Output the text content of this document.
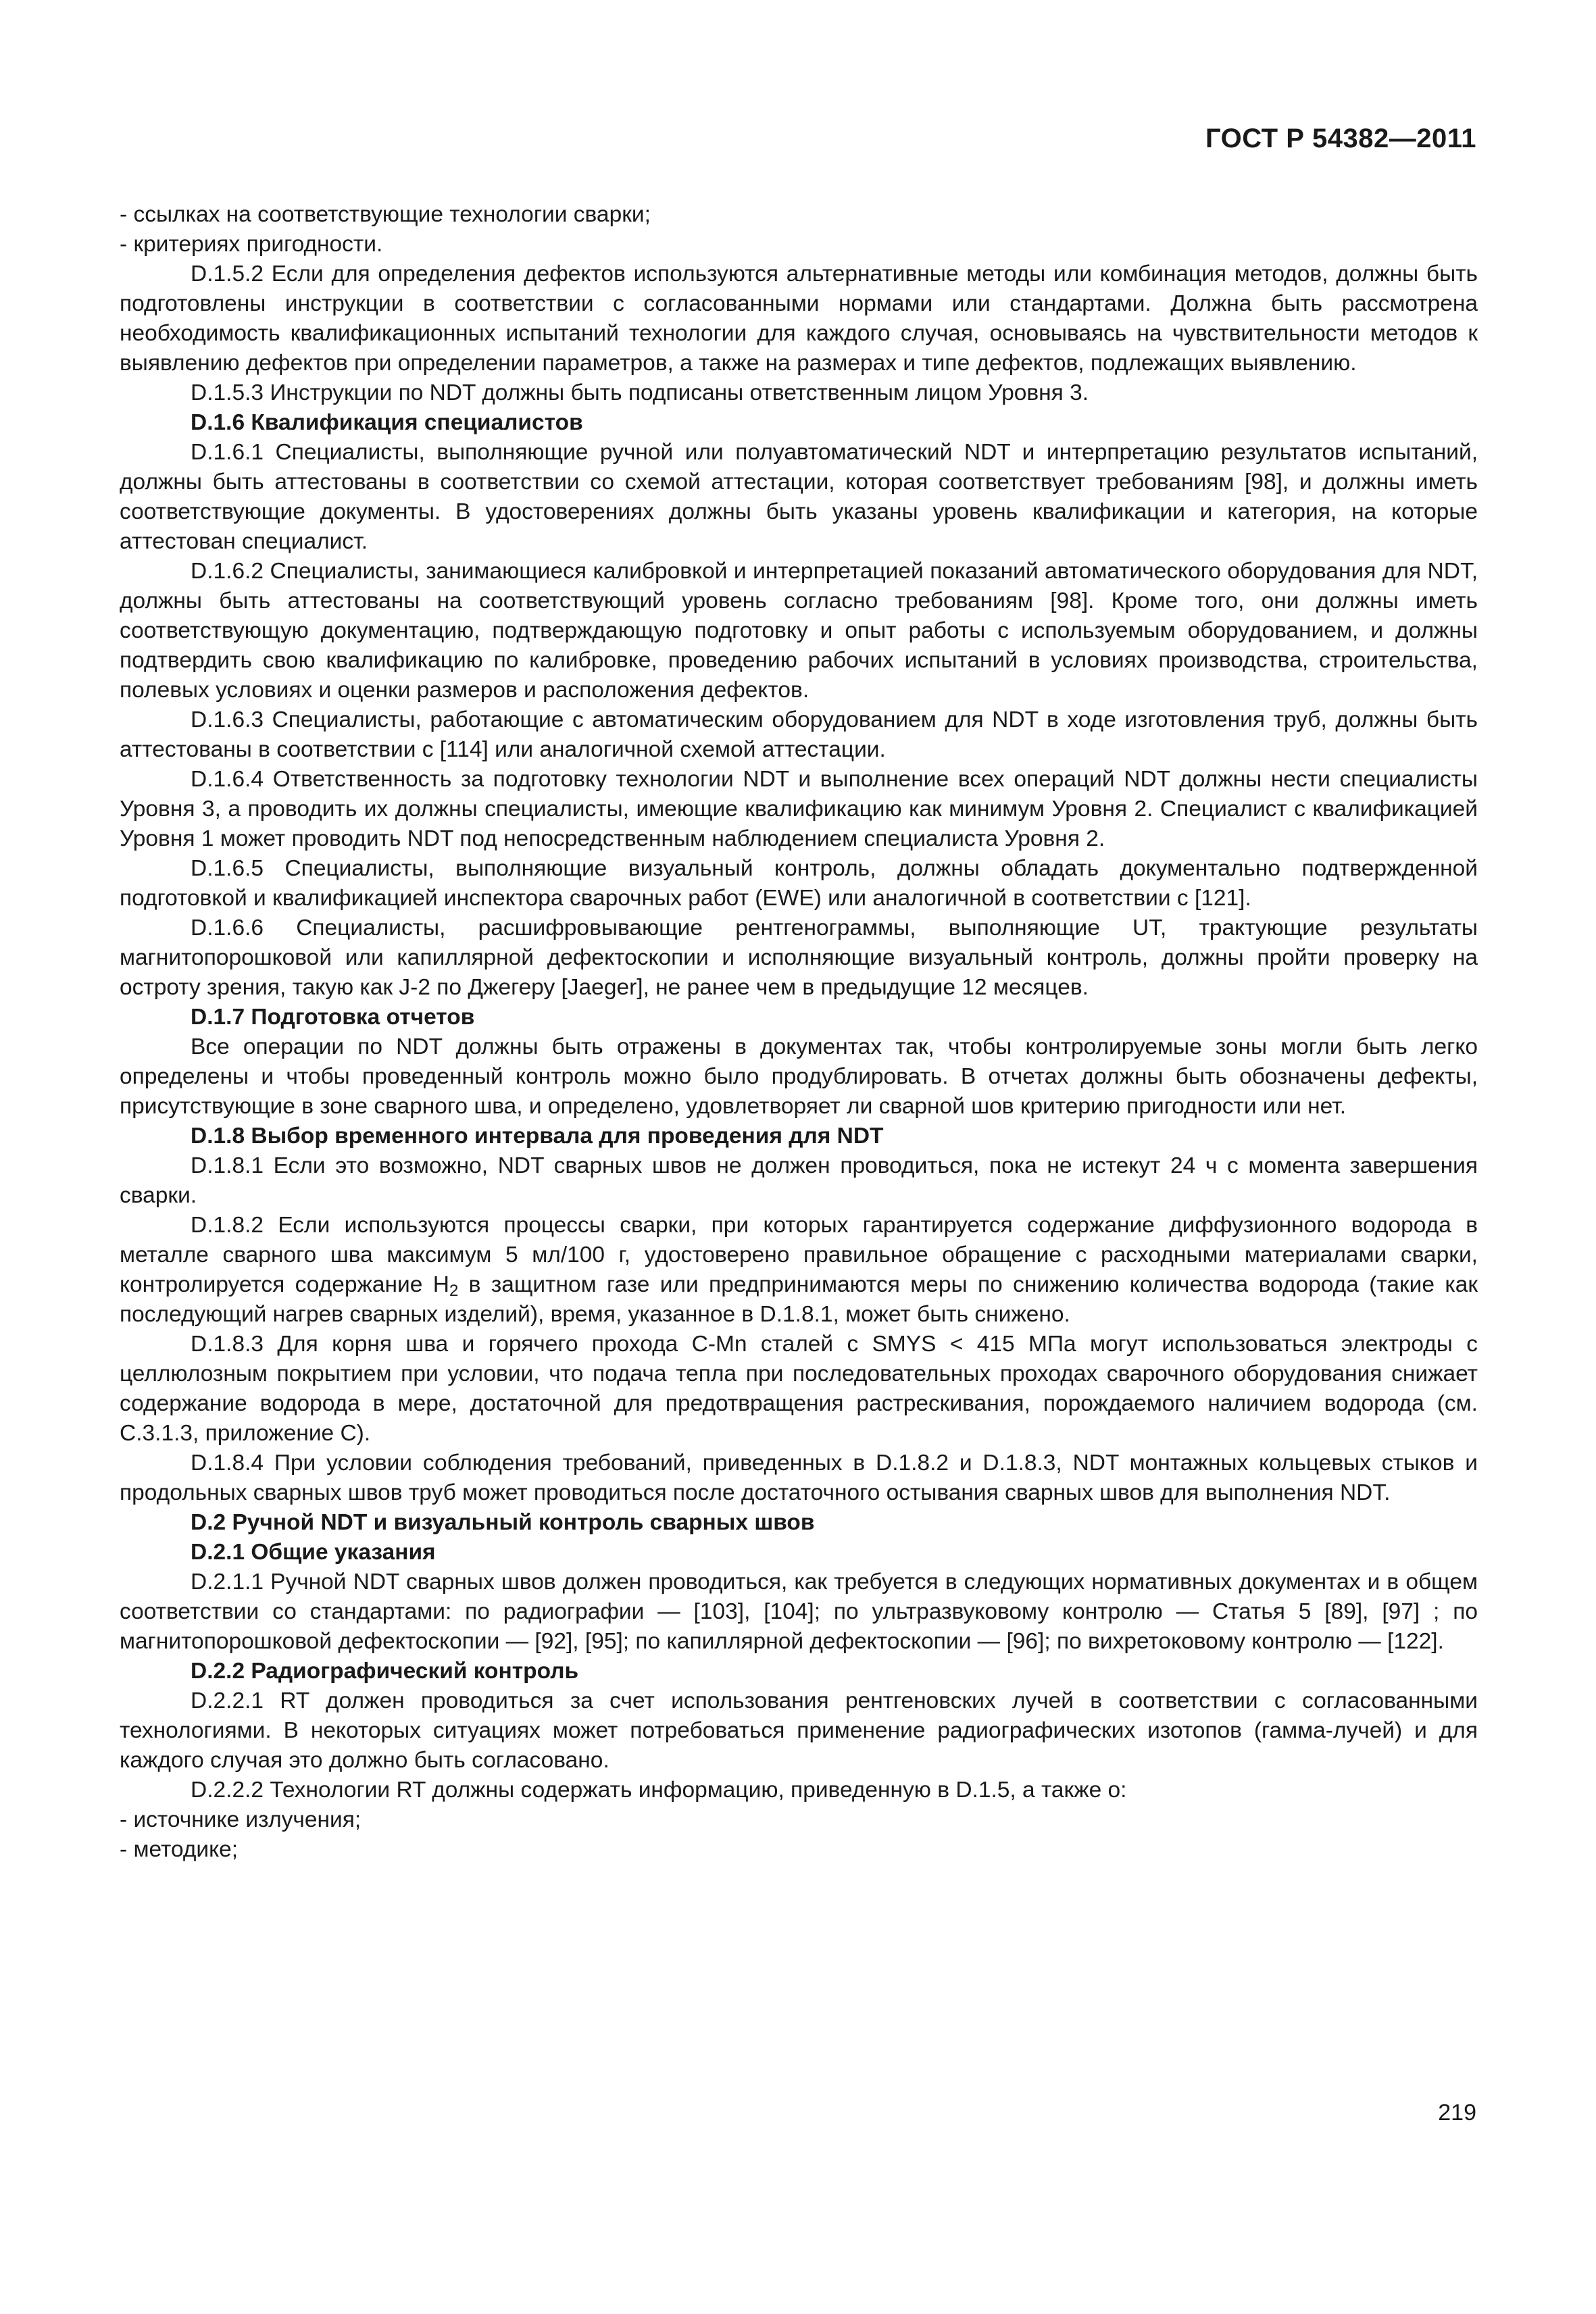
ГОСТ Р 54382—2011

- ссылках на соответствующие технологии сварки;

- критериях пригодности.

D.1.5.2 Если для определения дефектов используются альтернативные методы или комбинация методов, должны быть подготовлены инструкции в соответствии с согласованными нормами или стандартами. Должна быть рассмотрена необходимость квалификационных испытаний технологии для каждого случая, основываясь на чувствительности методов к выявлению дефектов при определении параметров, а также на размерах и типе дефектов, подлежащих выявлению.

D.1.5.3 Инструкции по NDT должны быть подписаны ответственным лицом Уровня 3.

D.1.6 Квалификация специалистов

D.1.6.1 Специалисты, выполняющие ручной или полуавтоматический NDT и интерпретацию результатов испытаний, должны быть аттестованы в соответствии со схемой аттестации, которая соответствует требованиям [98], и должны иметь соответствующие документы. В удостоверениях должны быть указаны уровень квалификации и категория, на которые аттестован специалист.

D.1.6.2 Специалисты, занимающиеся калибровкой и интерпретацией показаний автоматического оборудования для NDT, должны быть аттестованы на соответствующий уровень согласно требованиям [98]. Кроме того, они должны иметь соответствующую документацию, подтверждающую подготовку и опыт работы с используемым оборудованием, и должны подтвердить свою квалификацию по калибровке, проведению рабочих испытаний в условиях производства, строительства, полевых условиях и оценки размеров и расположения дефектов.

D.1.6.3 Специалисты, работающие с автоматическим оборудованием для NDT в ходе изготовления труб, должны быть аттестованы в соответствии с [114] или аналогичной схемой аттестации.

D.1.6.4 Ответственность за подготовку технологии NDT и выполнение всех операций NDT должны нести специалисты Уровня 3, а проводить их должны специалисты, имеющие квалификацию как минимум Уровня 2. Специалист с квалификацией Уровня 1 может проводить NDT под непосредственным наблюдением специалиста Уровня 2.

D.1.6.5 Специалисты, выполняющие визуальный контроль, должны обладать документально подтвержденной подготовкой и квалификацией инспектора сварочных работ (EWE) или аналогичной в соответствии с [121].

D.1.6.6 Специалисты, расшифровывающие рентгенограммы, выполняющие UT, трактующие результаты магнитопорошковой или капиллярной дефектоскопии и исполняющие визуальный контроль, должны пройти проверку на остроту зрения, такую как J-2 по Джегеру [Jaeger], не ранее чем в предыдущие 12 месяцев.

D.1.7 Подготовка отчетов

Все операции по NDT должны быть отражены в документах так, чтобы контролируемые зоны могли быть легко определены и чтобы проведенный контроль можно было продублировать. В отчетах должны быть обозначены дефекты, присутствующие в зоне сварного шва, и определено, удовлетворяет ли сварной шов критерию пригодности или нет.

D.1.8 Выбор временного интервала для проведения для NDT

D.1.8.1 Если это возможно, NDT сварных швов не должен проводиться, пока не истекут 24 ч с момента завершения сварки.

D.1.8.2 Если используются процессы сварки, при которых гарантируется содержание диффузионного водорода в металле сварного шва максимум 5 мл/100 г, удостоверено правильное обращение с расходными материалами сварки, контролируется содержание $H_2$ в защитном газе или предпринимаются меры по снижению количества водорода (такие как последующий нагрев сварных изделий), время, указанное в D.1.8.1, может быть снижено.

D.1.8.3 Для корня шва и горячего прохода C-Mn сталей с SMYS < 415 МПа могут использоваться электроды с целлюлозным покрытием при условии, что подача тепла при последовательных проходах сварочного оборудования снижает содержание водорода в мере, достаточной для предотвращения растрескивания, порождаемого наличием водорода (см. С.3.1.3, приложение С).

D.1.8.4 При условии соблюдения требований, приведенных в D.1.8.2 и D.1.8.3, NDT монтажных кольцевых стыков и продольных сварных швов труб может проводиться после достаточного остывания сварных швов для выполнения NDT.

D.2 Ручной NDT и визуальный контроль сварных швов

D.2.1 Общие указания

D.2.1.1 Ручной NDT сварных швов должен проводиться, как требуется в следующих нормативных документах и в общем соответствии со стандартами: по радиографии — [103], [104]; по ультразвуковому контролю — Статья 5 [89], [97] ; по магнитопорошковой дефектоскопии — [92], [95]; по капиллярной дефектоскопии — [96]; по вихретоковому контролю — [122].

D.2.2 Радиографический контроль

D.2.2.1 RT должен проводиться за счет использования рентгеновских лучей в соответствии с согласованными технологиями. В некоторых ситуациях может потребоваться применение радиографических изотопов (гамма-лучей) и для каждого случая это должно быть согласовано.

D.2.2.2 Технологии RT должны содержать информацию, приведенную в D.1.5, а также о:

- источнике излучения;

- методике;

219
